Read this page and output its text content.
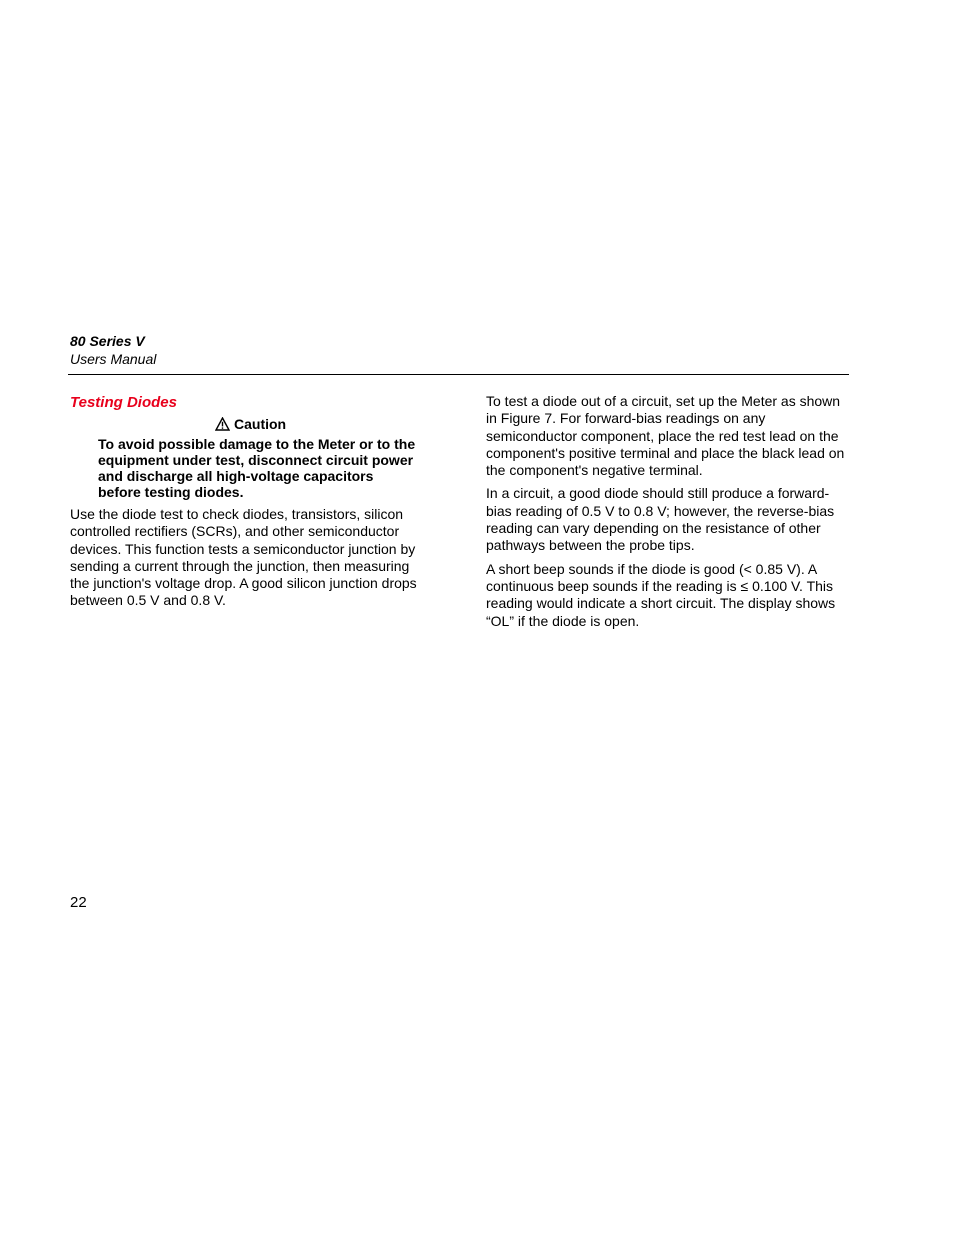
80 Series V
Users Manual
Testing Diodes
Caution
To avoid possible damage to the Meter or to the equipment under test, disconnect circuit power and discharge all high-voltage capacitors before testing diodes.

Use the diode test to check diodes, transistors, silicon controlled rectifiers (SCRs), and other semiconductor devices. This function tests a semiconductor junction by sending a current through the junction, then measuring the junction's voltage drop. A good silicon junction drops between 0.5 V and 0.8 V.

To test a diode out of a circuit, set up the Meter as shown in Figure 7. For forward-bias readings on any semiconductor component, place the red test lead on the component's positive terminal and place the black lead on the component's negative terminal.

In a circuit, a good diode should still produce a forward-bias reading of 0.5 V to 0.8 V; however, the reverse-bias reading can vary depending on the resistance of other pathways between the probe tips.

A short beep sounds if the diode is good (< 0.85 V). A continuous beep sounds if the reading is ≤ 0.100 V. This reading would indicate a short circuit. The display shows “OL” if the diode is open.

22
